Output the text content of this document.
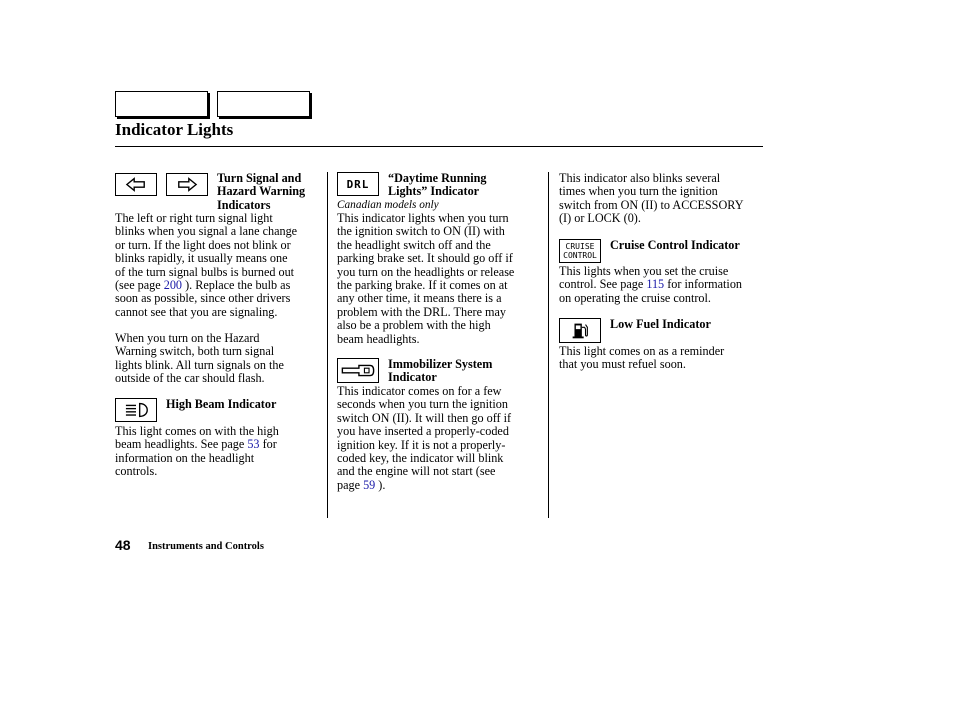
Indicator Lights
Turn Signal and
Hazard Warning
Indicators
The left or right turn signal light
blinks when you signal a lane change
or turn. If the light does not blink or
blinks rapidly, it usually means one
of the turn signal bulbs is burned out
(see page 200 ). Replace the bulb as
soon as possible, since other drivers
cannot see that you are signaling.
When you turn on the Hazard
Warning switch, both turn signal
lights blink. All turn signals on the
outside of the car should flash.
High Beam Indicator
This light comes on with the high
beam headlights. See page 53 for
information on the headlight
controls.
DRL “Daytime Running
Lights” Indicator
Canadian models only
This indicator lights when you turn
the ignition switch to ON (II) with
the headlight switch off and the
parking brake set. It should go off if
you turn on the headlights or release
the parking brake. If it comes on at
any other time, it means there is a
problem with the DRL. There may
also be a problem with the high
beam headlights.
Immobilizer System
Indicator
This indicator comes on for a few
seconds when you turn the ignition
switch ON (II). It will then go off if
you have inserted a properly-coded
ignition key. If it is not a properly-
coded key, the indicator will blink
and the engine will not start (see
page 59 ).
This indicator also blinks several
times when you turn the ignition
switch from ON (II) to ACCESSORY
(I) or LOCK (0).
CRUISE
CONTROL
Cruise Control Indicator
This lights when you set the cruise
control. See page 115 for information
on operating the cruise control.
Low Fuel Indicator
This light comes on as a reminder
that you must refuel soon.
48 Instruments and Controls
